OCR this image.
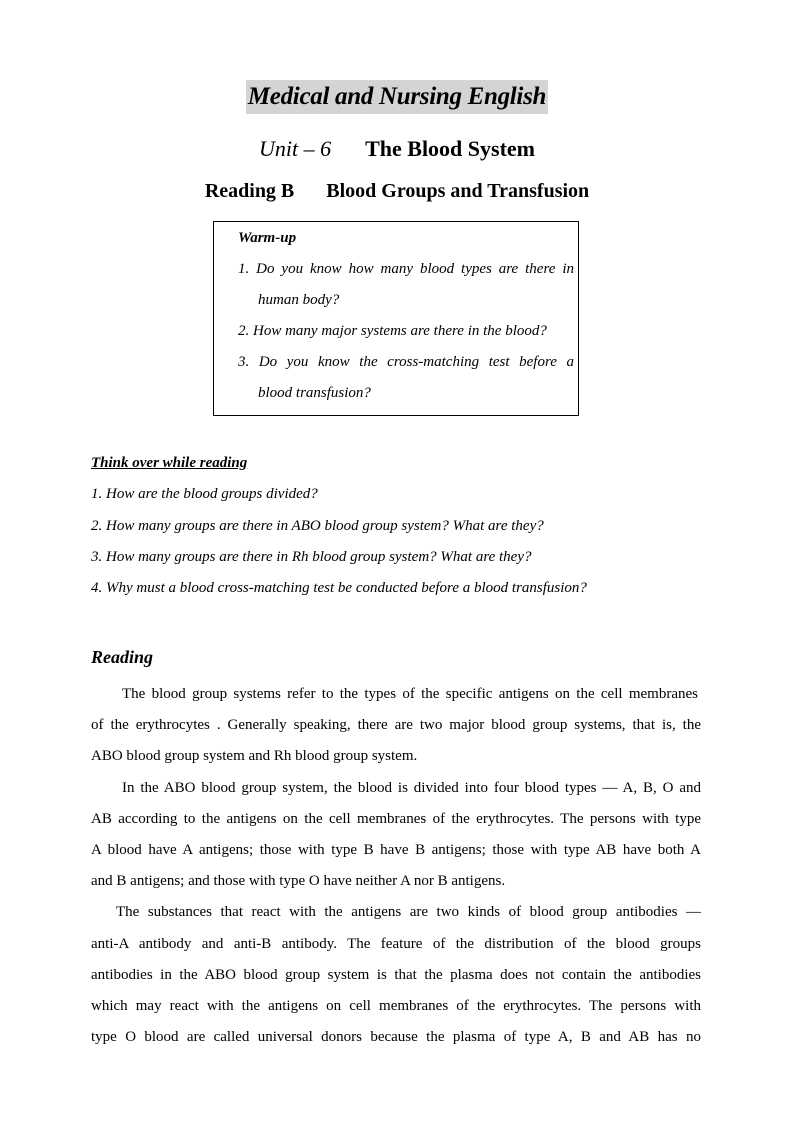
Medical and Nursing English
Unit – 6 The Blood System
Reading B Blood Groups and Transfusion
Warm-up
1. Do you know how many blood types are there in
human body?
2. How many major systems are there in the blood?
3. Do you know the cross-matching test before a
blood transfusion?
Think over while reading
1. How are the blood groups divided?
2. How many groups are there in ABO blood group system? What are they?
3. How many groups are there in Rh blood group system? What are they?
4. Why must a blood cross-matching test be conducted before a blood transfusion?
Reading
The blood group systems refer to the types of the specific antigens on the cell membranes
of the erythrocytes . Generally speaking, there are two major blood group systems, that is, the
ABO blood group system and Rh blood group system.
In the ABO blood group system, the blood is divided into four blood types — A, B, O and
AB according to the antigens on the cell membranes of the erythrocytes. The persons with type
A blood have A antigens; those with type B have B antigens; those with type AB have both A
and B antigens; and those with type O have neither A nor B antigens.
The substances that react with the antigens are two kinds of blood group antibodies —
anti-A antibody and anti-B antibody. The feature of the distribution of the blood groups
antibodies in the ABO blood group system is that the plasma does not contain the antibodies
which may react with the antigens on cell membranes of the erythrocytes. The persons with
type O blood are called universal donors because the plasma of type A, B and AB has no
